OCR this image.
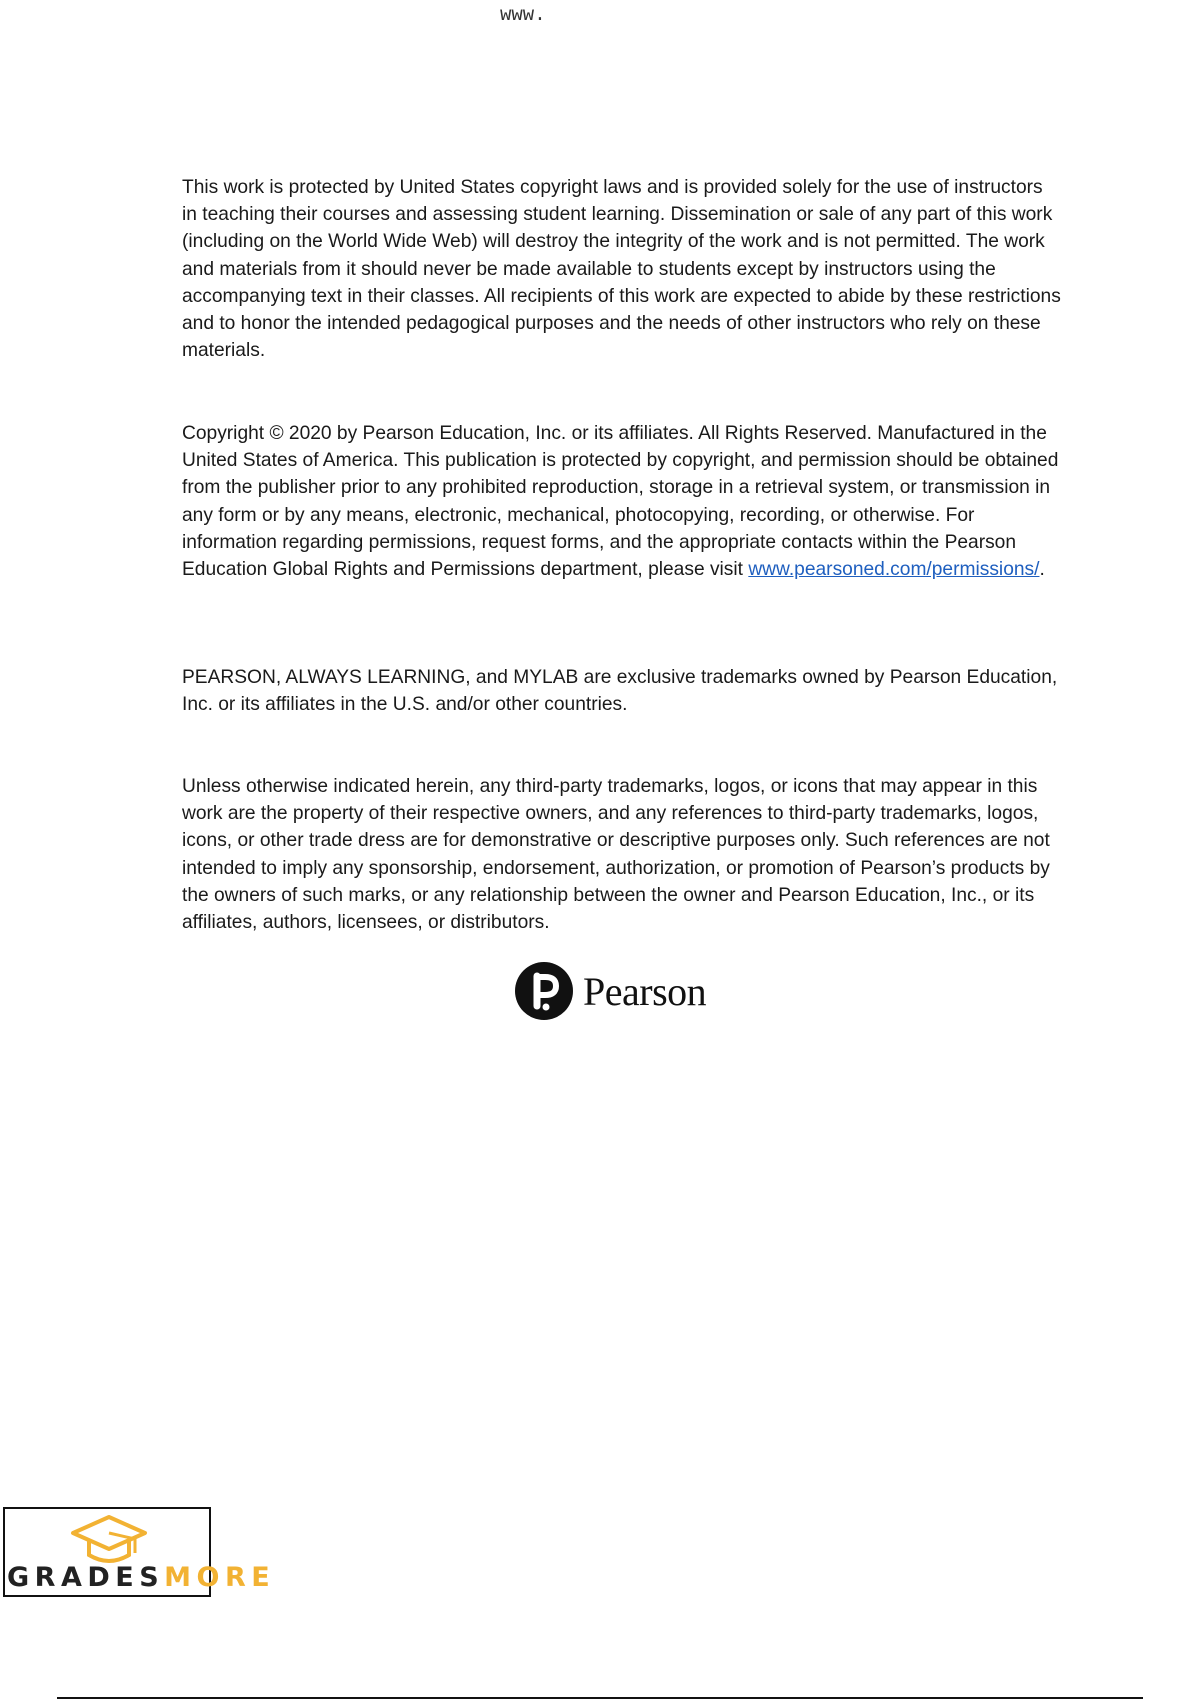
www.

This work is protected by United States copyright laws and is provided solely for the use of instructors in teaching their courses and assessing student learning. Dissemination or sale of any part of this work (including on the World Wide Web) will destroy the integrity of the work and is not permitted. The work and materials from it should never be made available to students except by instructors using the accompanying text in their classes. All recipients of this work are expected to abide by these restrictions and to honor the intended pedagogical purposes and the needs of other instructors who rely on these materials.

Copyright © 2020 by Pearson Education, Inc. or its affiliates. All Rights Reserved. Manufactured in the United States of America. This publication is protected by copyright, and permission should be obtained from the publisher prior to any prohibited reproduction, storage in a retrieval system, or transmission in any form or by any means, electronic, mechanical, photocopying, recording, or otherwise. For information regarding permissions, request forms, and the appropriate contacts within the Pearson Education Global Rights and Permissions department, please visit www.pearsoned.com/permissions/.

PEARSON, ALWAYS LEARNING, and MYLAB are exclusive trademarks owned by Pearson Education, Inc. or its affiliates in the U.S. and/or other countries.

Unless otherwise indicated herein, any third-party trademarks, logos, or icons that may appear in this work are the property of their respective owners, and any references to third-party trademarks, logos, icons, or other trade dress are for demonstrative or descriptive purposes only. Such references are not intended to imply any sponsorship, endorsement, authorization, or promotion of Pearson’s products by the owners of such marks, or any relationship between the owner and Pearson Education, Inc., or its affiliates, authors, licensees, or distributors.

Pearson
GRADESMORE
